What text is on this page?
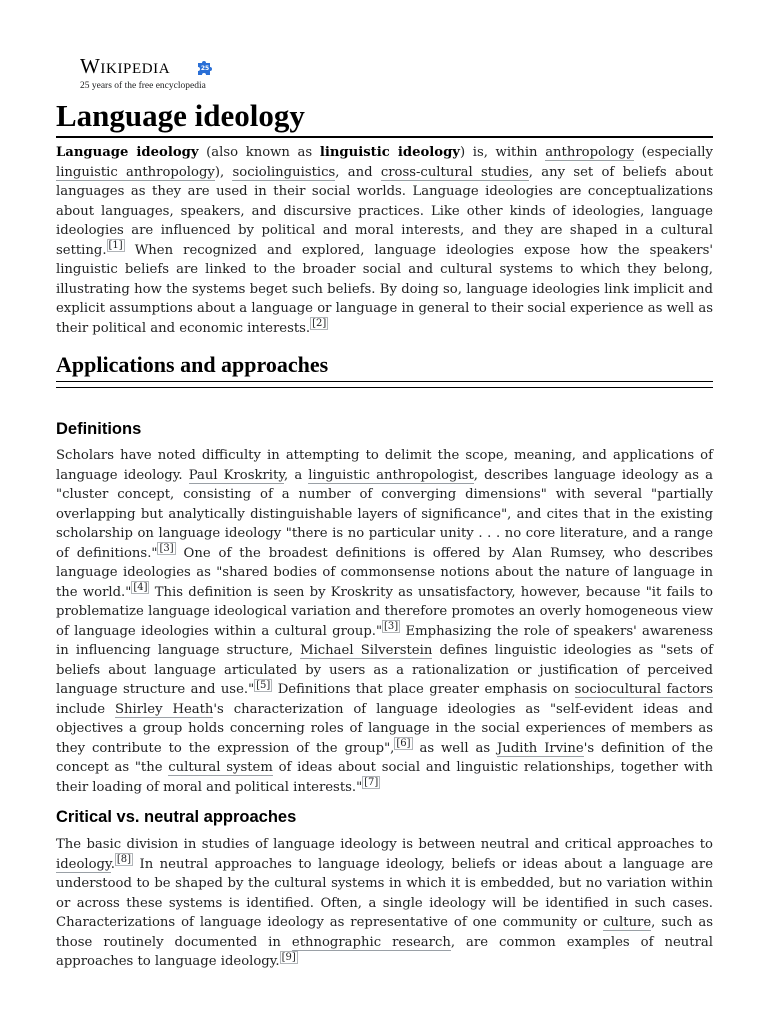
Wikipedia	25
25 years of the free encyclopedia
Language ideology

Language ideology (also known as linguistic ideology) is, within anthropology (especially linguistic anthropology), sociolinguistics, and cross-cultural studies, any set of beliefs about languages as they are used in their social worlds. Language ideologies are conceptualizations about languages, speakers, and discursive practices. Like other kinds of ideologies, language ideologies are influenced by political and moral interests, and they are shaped in a cultural setting. [1] When recognized and explored, language ideologies expose how the speakers' linguistic beliefs are linked to the broader social and cultural systems to which they belong, illustrating how the systems beget such beliefs. By doing so, language ideologies link implicit and explicit assumptions about a language or language in general to their social experience as well as their political and economic interests. [2]

Applications and approaches
Definitions

Scholars have noted difficulty in attempting to delimit the scope, meaning, and applications of language ideology. Paul Kroskrity, a linguistic anthropologist, describes language ideology as a "cluster concept, consisting of a number of converging dimensions" with several "partially overlapping but analytically distinguishable layers of significance", and cites that in the existing scholarship on language ideology "there is no particular unity . . . no core literature, and a range of definitions." [3] One of the broadest definitions is offered by Alan Rumsey, who describes language ideologies as "shared bodies of commonsense notions about the nature of language in the world." [4] This definition is seen by Kroskrity as unsatisfactory, however, because "it fails to problematize language ideological variation and therefore promotes an overly homogeneous view of language ideologies within a cultural group." [3] Emphasizing the role of speakers' awareness in influencing language structure, Michael Silverstein defines linguistic ideologies as "sets of beliefs about language articulated by users as a rationalization or justification of perceived language structure and use." [5] Definitions that place greater emphasis on sociocultural factors include Shirley Heath's characterization of language ideologies as "self-evident ideas and objectives a group holds concerning roles of language in the social experiences of members as they contribute to the expression of the group", [6] as well as Judith Irvine's definition of the concept as "the cultural system of ideas about social and linguistic relationships, together with their loading of moral and political interests." [7]

Critical vs. neutral approaches

The basic division in studies of language ideology is between neutral and critical approaches to ideology. [8] In neutral approaches to language ideology, beliefs or ideas about a language are understood to be shaped by the cultural systems in which it is embedded, but no variation within or across these systems is identified. Often, a single ideology will be identified in such cases. Characterizations of language ideology as representative of one community or culture, such as those routinely documented in ethnographic research, are common examples of neutral approaches to language ideology. [9]
